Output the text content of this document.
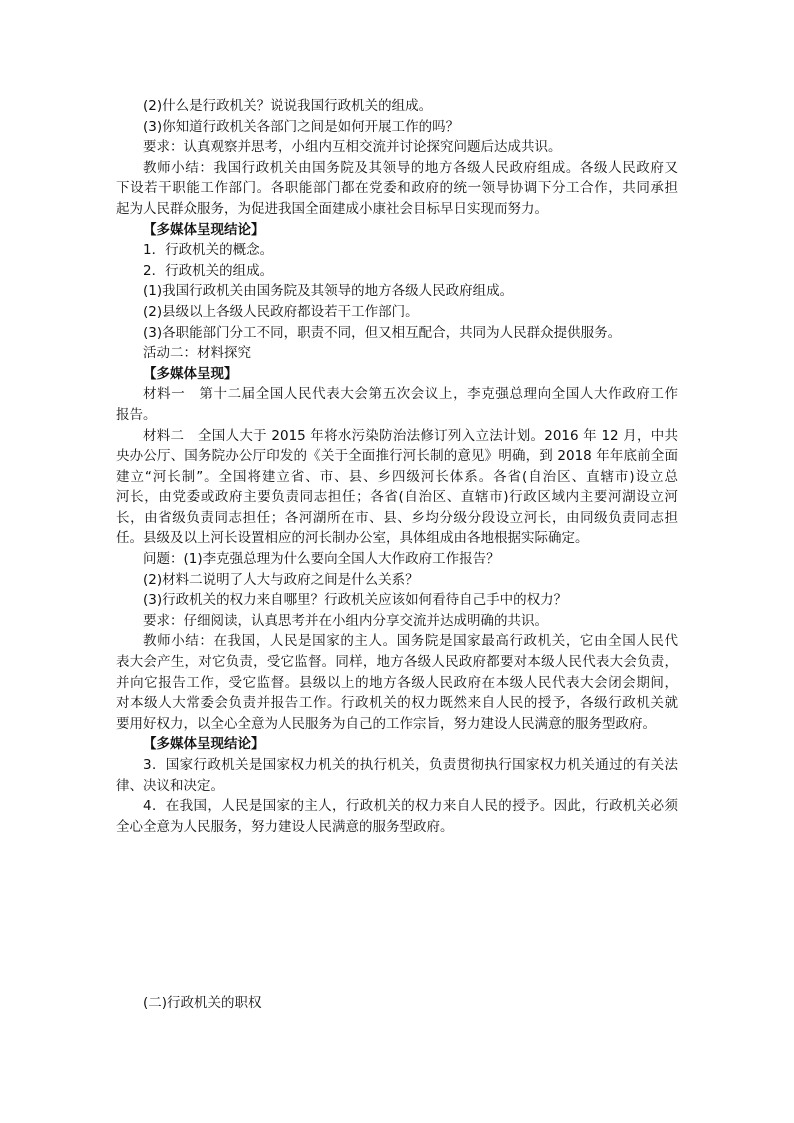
(2)什么是行政机关？说说我国行政机关的组成。

(3)你知道行政机关各部门之间是如何开展工作的吗？

要求：认真观察并思考，小组内互相交流并讨论探究问题后达成共识。

教师小结：我国行政机关由国务院及其领导的地方各级人民政府组成。各级人民政府又

下设若干职能工作部门。各职能部门都在党委和政府的统一领导协调下分工合作，共同承担

起为人民群众服务，为促进我国全面建成小康社会目标早日实现而努力。

【多媒体呈现结论】

1．行政机关的概念。

2．行政机关的组成。

(1)我国行政机关由国务院及其领导的地方各级人民政府组成。

(2)县级以上各级人民政府都设若干工作部门。

(3)各职能部门分工不同，职责不同，但又相互配合，共同为人民群众提供服务。

活动二：材料探究

【多媒体呈现】

材料一　第十二届全国人民代表大会第五次会议上，李克强总理向全国人大作政府工作

报告。

材料二　全国人大于 2015 年将水污染防治法修订列入立法计划。2016 年 12 月，中共

央办公厅、国务院办公厅印发的《关于全面推行河长制的意见》明确，到 2018 年年底前全面

建立“河长制”。全国将建立省、市、县、乡四级河长体系。各省(自治区、直辖市)设立总

河长，由党委或政府主要负责同志担任；各省(自治区、直辖市)行政区域内主要河湖设立河

长，由省级负责同志担任；各河湖所在市、县、乡均分级分段设立河长，由同级负责同志担

任。县级及以上河长设置相应的河长制办公室，具体组成由各地根据实际确定。

问题：(1)李克强总理为什么要向全国人大作政府工作报告？

(2)材料二说明了人大与政府之间是什么关系？

(3)行政机关的权力来自哪里？行政机关应该如何看待自己手中的权力？

要求：仔细阅读，认真思考并在小组内分享交流并达成明确的共识。

教师小结：在我国，人民是国家的主人。国务院是国家最高行政机关，它由全国人民代

表大会产生，对它负责，受它监督。同样，地方各级人民政府都要对本级人民代表大会负责，

并向它报告工作，受它监督。县级以上的地方各级人民政府在本级人民代表大会闭会期间，

对本级人大常委会负责并报告工作。行政机关的权力既然来自人民的授予，各级行政机关就

要用好权力，以全心全意为人民服务为自己的工作宗旨，努力建设人民满意的服务型政府。

【多媒体呈现结论】

3．国家行政机关是国家权力机关的执行机关，负责贯彻执行国家权力机关通过的有关法

律、决议和决定。

4．在我国，人民是国家的主人，行政机关的权力来自人民的授予。因此，行政机关必须

全心全意为人民服务，努力建设人民满意的服务型政府。

(二)行政机关的职权
